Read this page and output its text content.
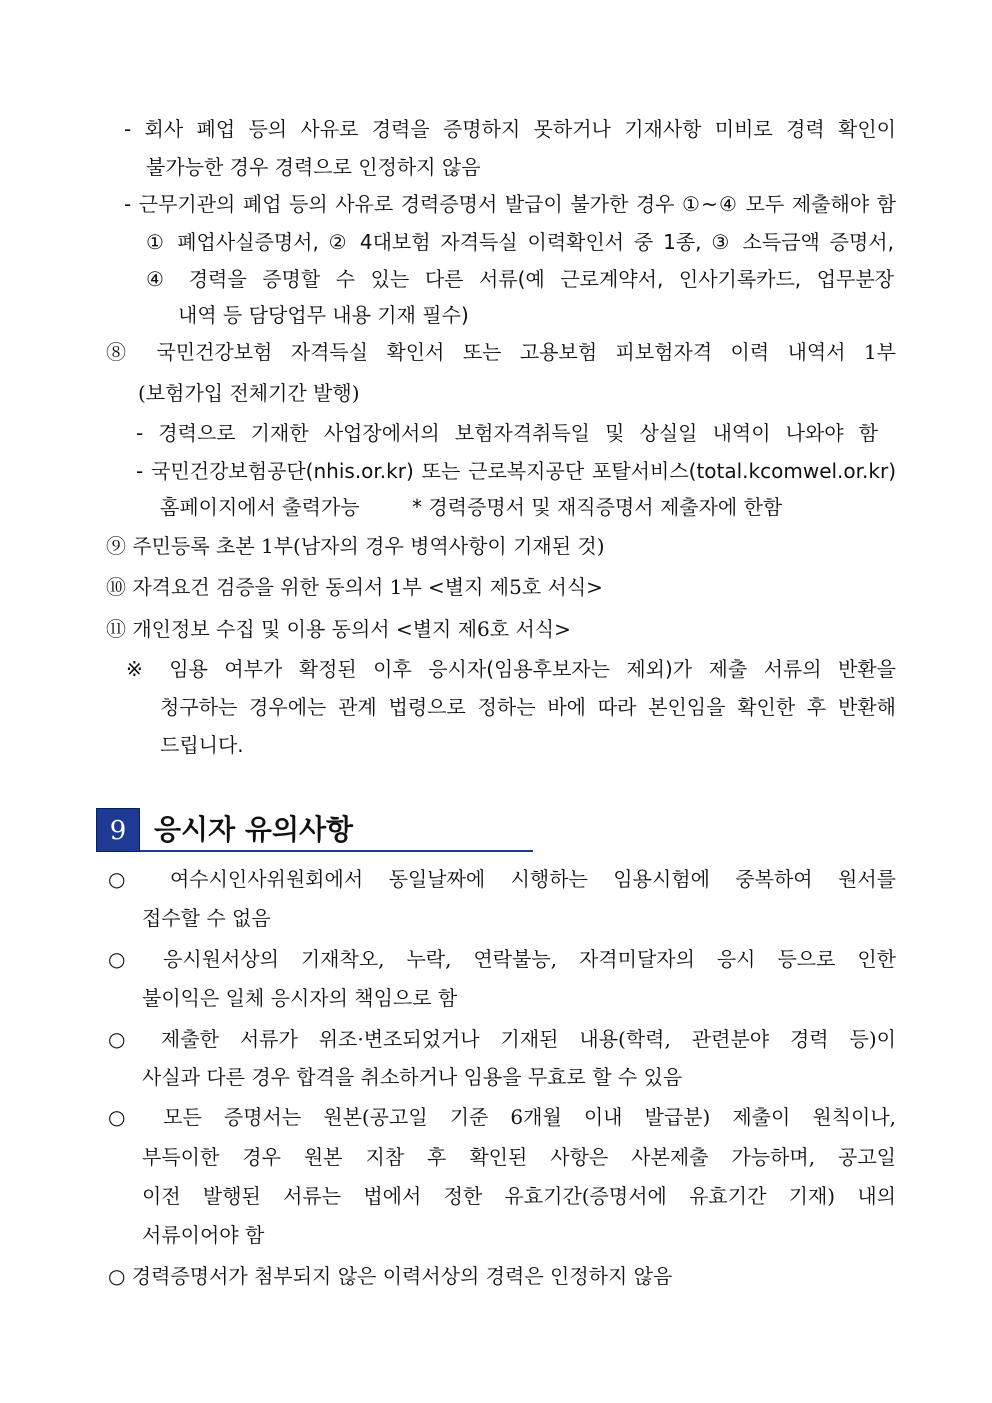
- 회사 폐업 등의 사유로 경력을 증명하지 못하거나 기재사항 미비로 경력 확인이
불가능한 경우 경력으로 인정하지 않음
- 근무기관의 폐업 등의 사유로 경력증명서 발급이 불가한 경우 ①~④ 모두 제출해야 함
① 폐업사실증명서, ② 4대보험 자격득실 이력확인서 중 1종, ③ 소득금액 증명서,
④ 경력을 증명할 수 있는 다른 서류(예 근로계약서, 인사기록카드, 업무분장
내역 등 담당업무 내용 기재 필수)
⑧ 국민건강보험 자격득실 확인서 또는 고용보험 피보험자격 이력 내역서 1부
(보험가입 전체기간 발행)
- 경력으로 기재한 사업장에서의 보험자격취득일 및 상실일 내역이 나와야 함
- 국민건강보험공단(nhis.or.kr) 또는 근로복지공단 포탈서비스(total.kcomwel.or.kr)
홈페이지에서 출력가능	* 경력증명서 및 재직증명서 제출자에 한함
⑨ 주민등록 초본 1부(남자의 경우 병역사항이 기재된 것)
⑩ 자격요건 검증을 위한 동의서 1부 <별지 제5호 서식>
⑪ 개인정보 수집 및 이용 동의서 <별지 제6호 서식>
※ 임용 여부가 확정된 이후 응시자(임용후보자는 제외)가 제출 서류의 반환을
청구하는 경우에는 관계 법령으로 정하는 바에 따라 본인임을 확인한 후 반환해
드립니다.
9 응시자 유의사항
○ 여수시인사위원회에서 동일날짜에 시행하는 임용시험에 중복하여 원서를
접수할 수 없음
○ 응시원서상의 기재착오, 누락, 연락불능, 자격미달자의 응시 등으로 인한
불이익은 일체 응시자의 책임으로 함
○ 제출한 서류가 위조·변조되었거나 기재된 내용(학력, 관련분야 경력 등)이
사실과 다른 경우 합격을 취소하거나 임용을 무효로 할 수 있음
○ 모든 증명서는 원본(공고일 기준 6개월 이내 발급분) 제출이 원칙이나,
부득이한 경우 원본 지참 후 확인된 사항은 사본제출 가능하며, 공고일
이전 발행된 서류는 법에서 정한 유효기간(증명서에 유효기간 기재) 내의
서류이어야 함
○ 경력증명서가 첨부되지 않은 이력서상의 경력은 인정하지 않음
